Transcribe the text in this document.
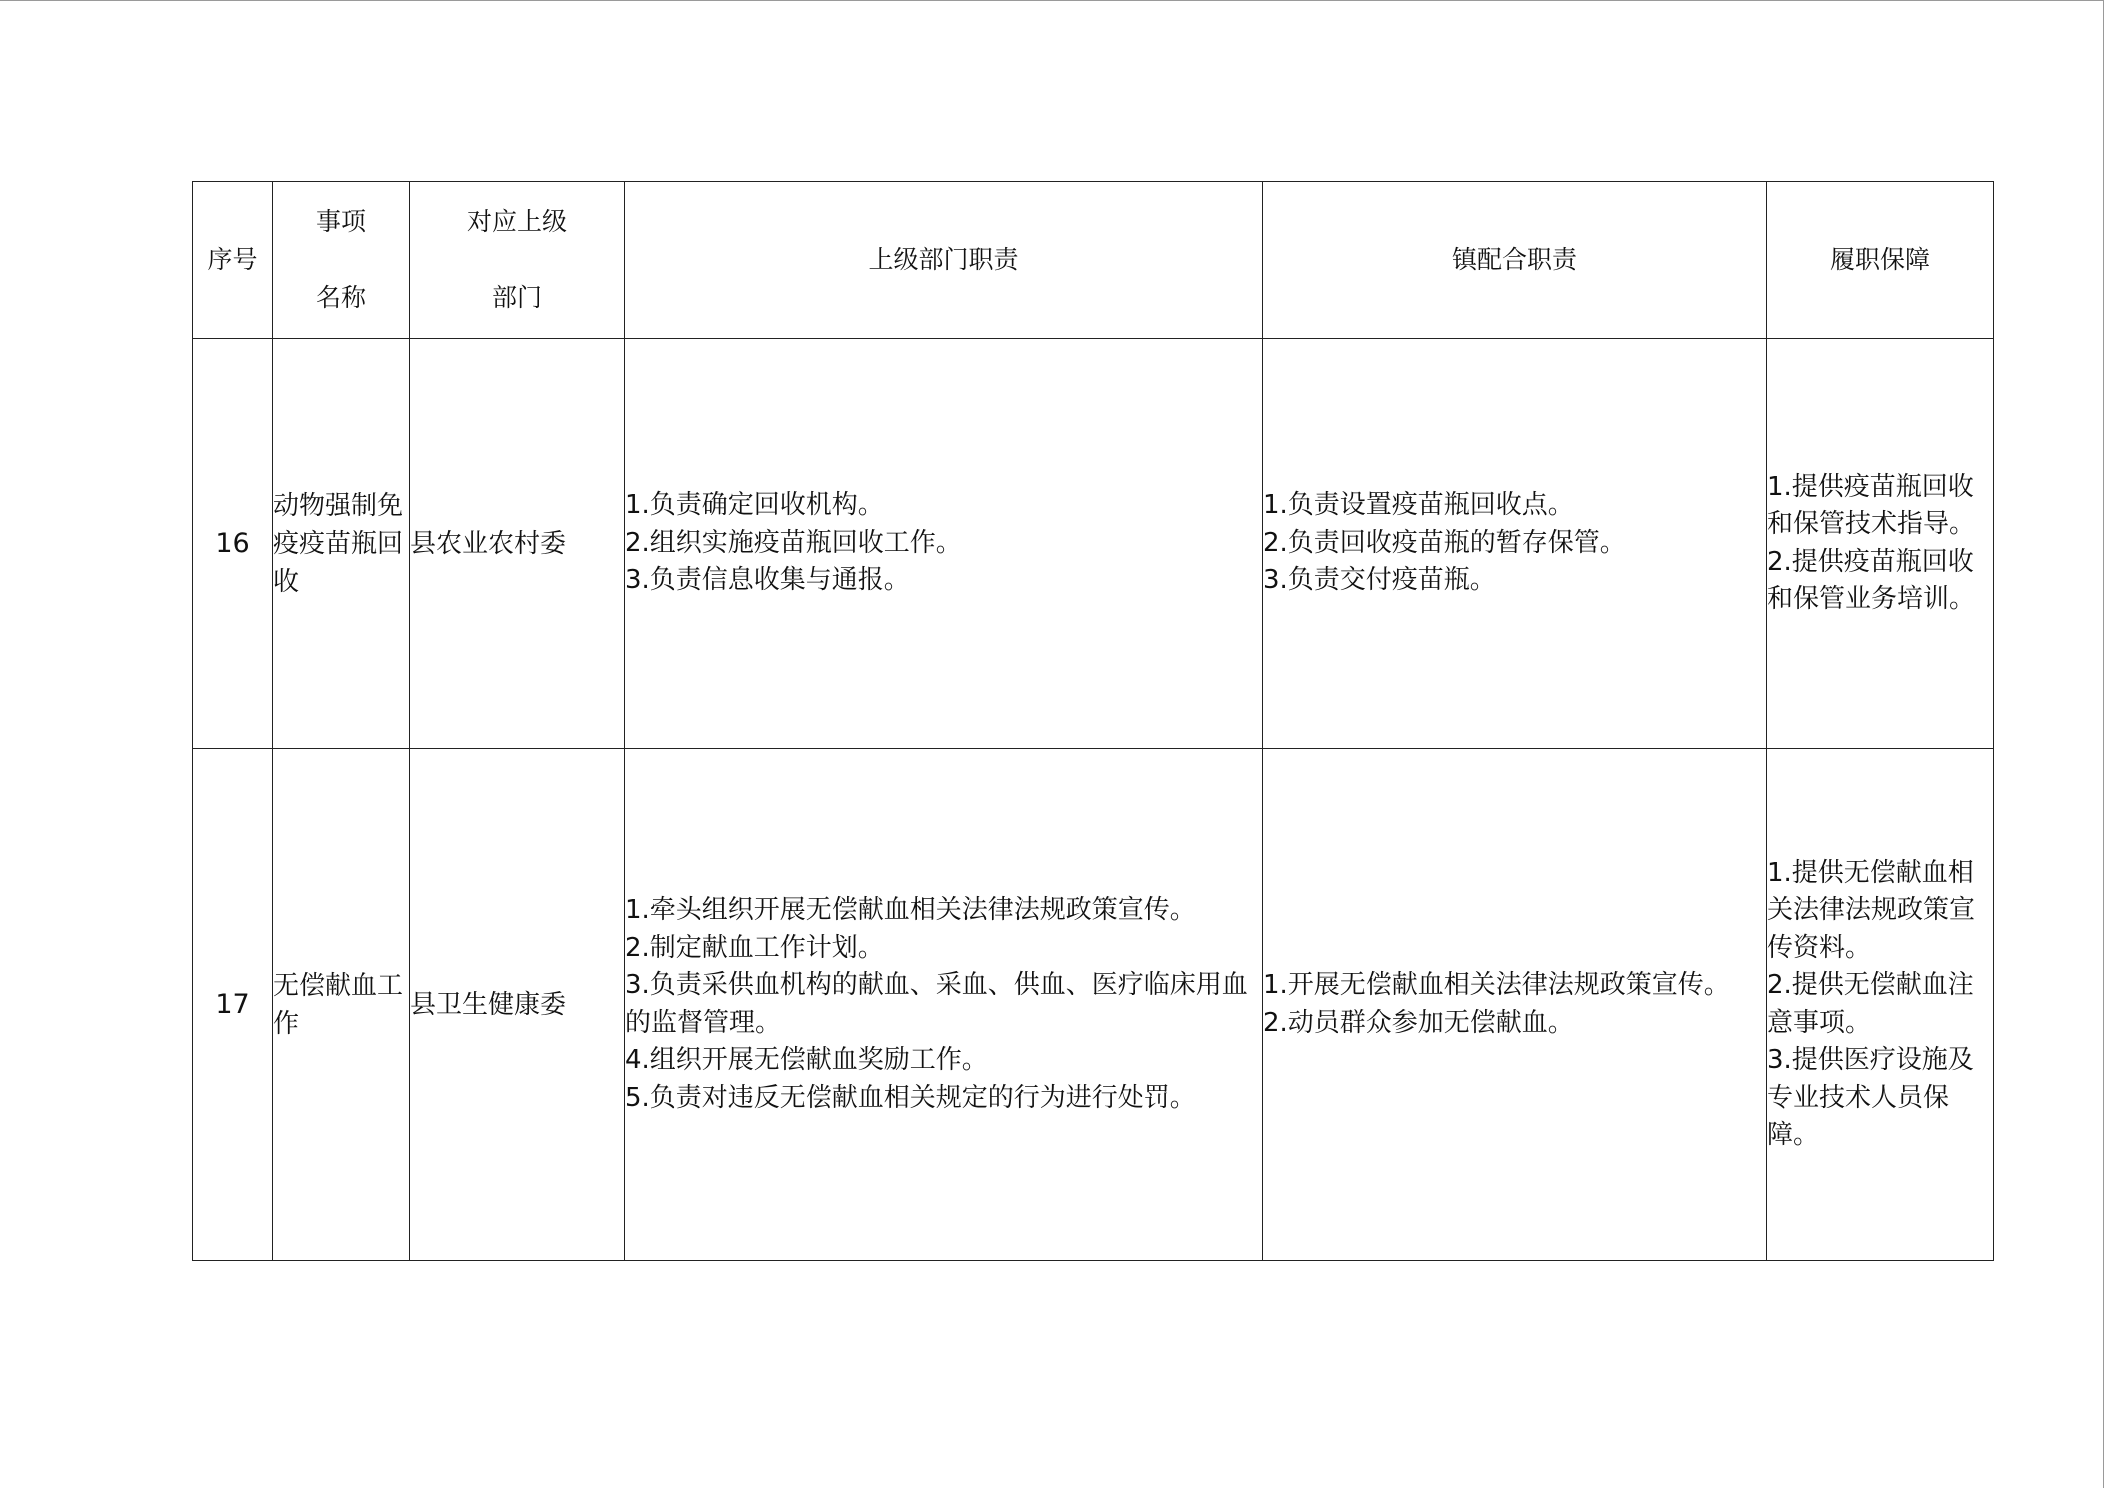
序号	事项
名称	对应上级
部门	上级部门职责	镇配合职责	履职保障
16	动物强制免疫疫苗瓶回收	县农业农村委	1.负责确定回收机构。
2.组织实施疫苗瓶回收工作。
3.负责信息收集与通报。	1.负责设置疫苗瓶回收点。
2.负责回收疫苗瓶的暂存保管。
3.负责交付疫苗瓶。	1.提供疫苗瓶回收和保管技术指导。
2.提供疫苗瓶回收和保管业务培训。

17	无偿献血工作	县卫生健康委	1.牵头组织开展无偿献血相关法律法规政策宣传。
2.制定献血工作计划。
3.负责采供血机构的献血、采血、供血、医疗临床用血的监督管理。
4.组织开展无偿献血奖励工作。
5.负责对违反无偿献血相关规定的行为进行处罚。	1.开展无偿献血相关法律法规政策宣传。
2.动员群众参加无偿献血。	1.提供无偿献血相关法律法规政策宣传资料。
2.提供无偿献血注意事项。
3.提供医疗设施及专业技术人员保障。
